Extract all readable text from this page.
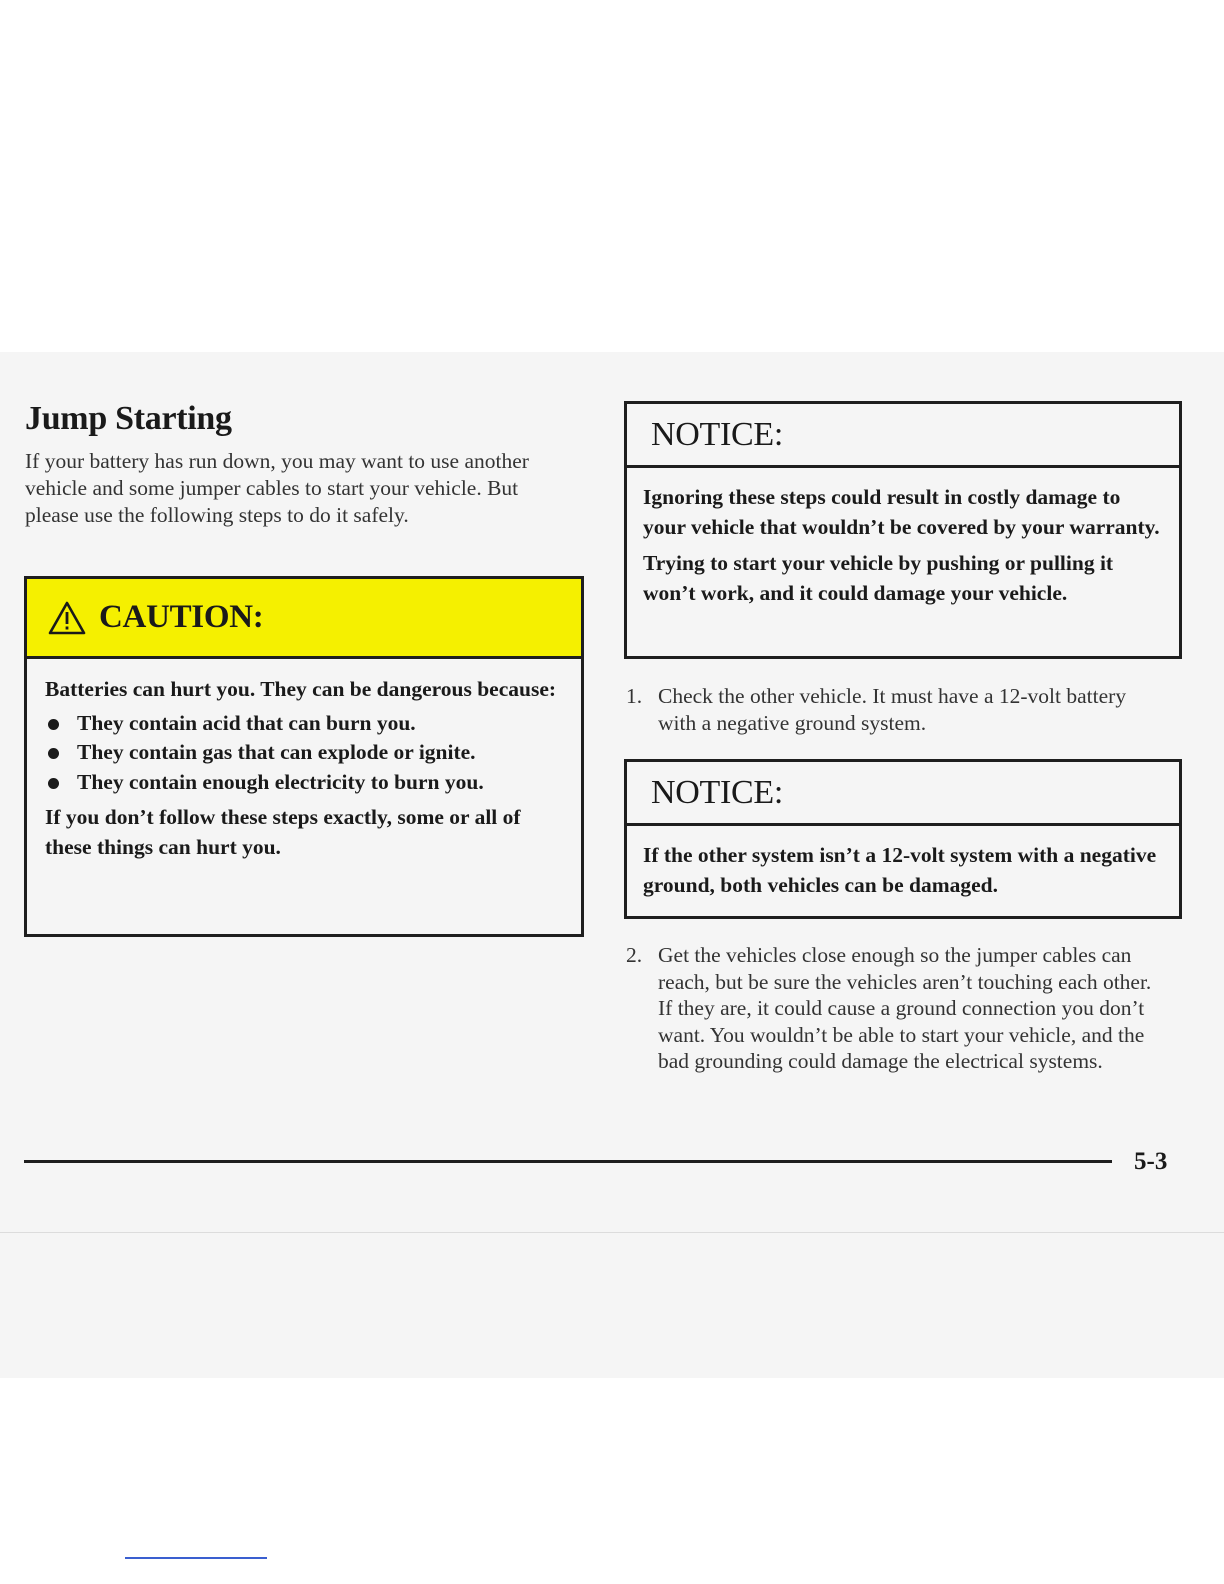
Jump Starting

If your battery has run down, you may want to use another vehicle and some jumper cables to start your vehicle. But please use the following steps to do it safely.

CAUTION:

Batteries can hurt you. They can be dangerous because:

They contain acid that can burn you.
They contain gas that can explode or ignite.
They contain enough electricity to burn you.

If you don’t follow these steps exactly, some or all of these things can hurt you.

NOTICE:

Ignoring these steps could result in costly damage to your vehicle that wouldn’t be covered by your warranty.

Trying to start your vehicle by pushing or pulling it won’t work, and it could damage your vehicle.

1. Check the other vehicle. It must have a 12-volt battery with a negative ground system.
NOTICE:

If the other system isn’t a 12-volt system with a negative ground, both vehicles can be damaged.

2. Get the vehicles close enough so the jumper cables can reach, but be sure the vehicles aren’t touching each other. If they are, it could cause a ground connection you don’t want. You wouldn’t be able to start your vehicle, and the bad grounding could damage the electrical systems.
5-3
